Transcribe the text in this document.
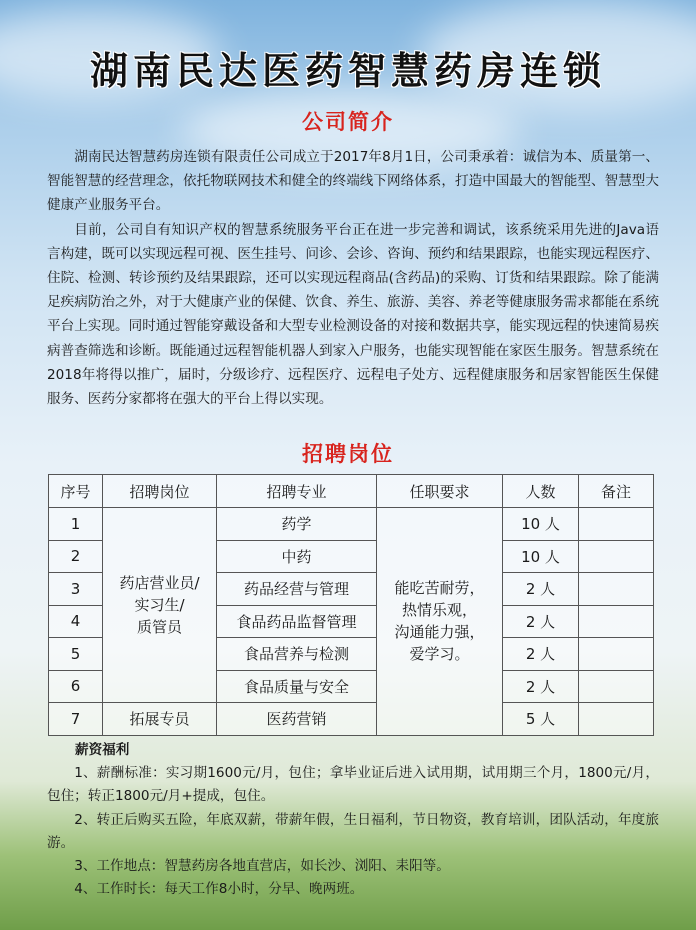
湖南民达医药智慧药房连锁
公司简介

湖南民达智慧药房连锁有限责任公司成立于2017年8月1日，公司秉承着：诚信为本、质量第一、智能智慧的经营理念，依托物联网技术和健全的终端线下网络体系，打造中国最大的智能型、智慧型大健康产业服务平台。

目前，公司自有知识产权的智慧系统服务平台正在进一步完善和调试，该系统采用先进的Java语言构建，既可以实现远程可视、医生挂号、问诊、会诊、咨询、预约和结果跟踪，也能实现远程医疗、住院、检测、转诊预约及结果跟踪，还可以实现远程商品(含药品)的采购、订货和结果跟踪。除了能满足疾病防治之外，对于大健康产业的保健、饮食、养生、旅游、美容、养老等健康服务需求都能在系统平台上实现。同时通过智能穿戴设备和大型专业检测设备的对接和数据共享，能实现远程的快速简易疾病普查筛选和诊断。既能通过远程智能机器人到家入户服务，也能实现智能在家医生服务。智慧系统在2018年将得以推广，届时，分级诊疗、远程医疗、远程电子处方、远程健康服务和居家智能医生保健服务、医药分家都将在强大的平台上得以实现。

招聘岗位
序号	招聘岗位	招聘专业	任职要求	人数	备注
1	药店营业员/
实习生/
质管员	药学	能吃苦耐劳，
热情乐观，
沟通能力强，
爱学习。	10 人	
2		中药		10 人	
3		药品经营与管理		2 人	
4		食品药品监督管理		2 人	
5		食品营养与检测		2 人	
6		食品质量与安全		2 人	
7	拓展专员	医药营销		5 人	
薪资福利

1、薪酬标准：实习期1600元/月，包住；拿毕业证后进入试用期，试用期三个月，1800元/月，包住；转正1800元/月+提成，包住。

2、转正后购买五险，年底双薪，带薪年假，生日福利，节日物资，教育培训，团队活动，年度旅游。

3、工作地点：智慧药房各地直营店，如长沙、浏阳、耒阳等。

4、工作时长：每天工作8小时，分早、晚两班。
